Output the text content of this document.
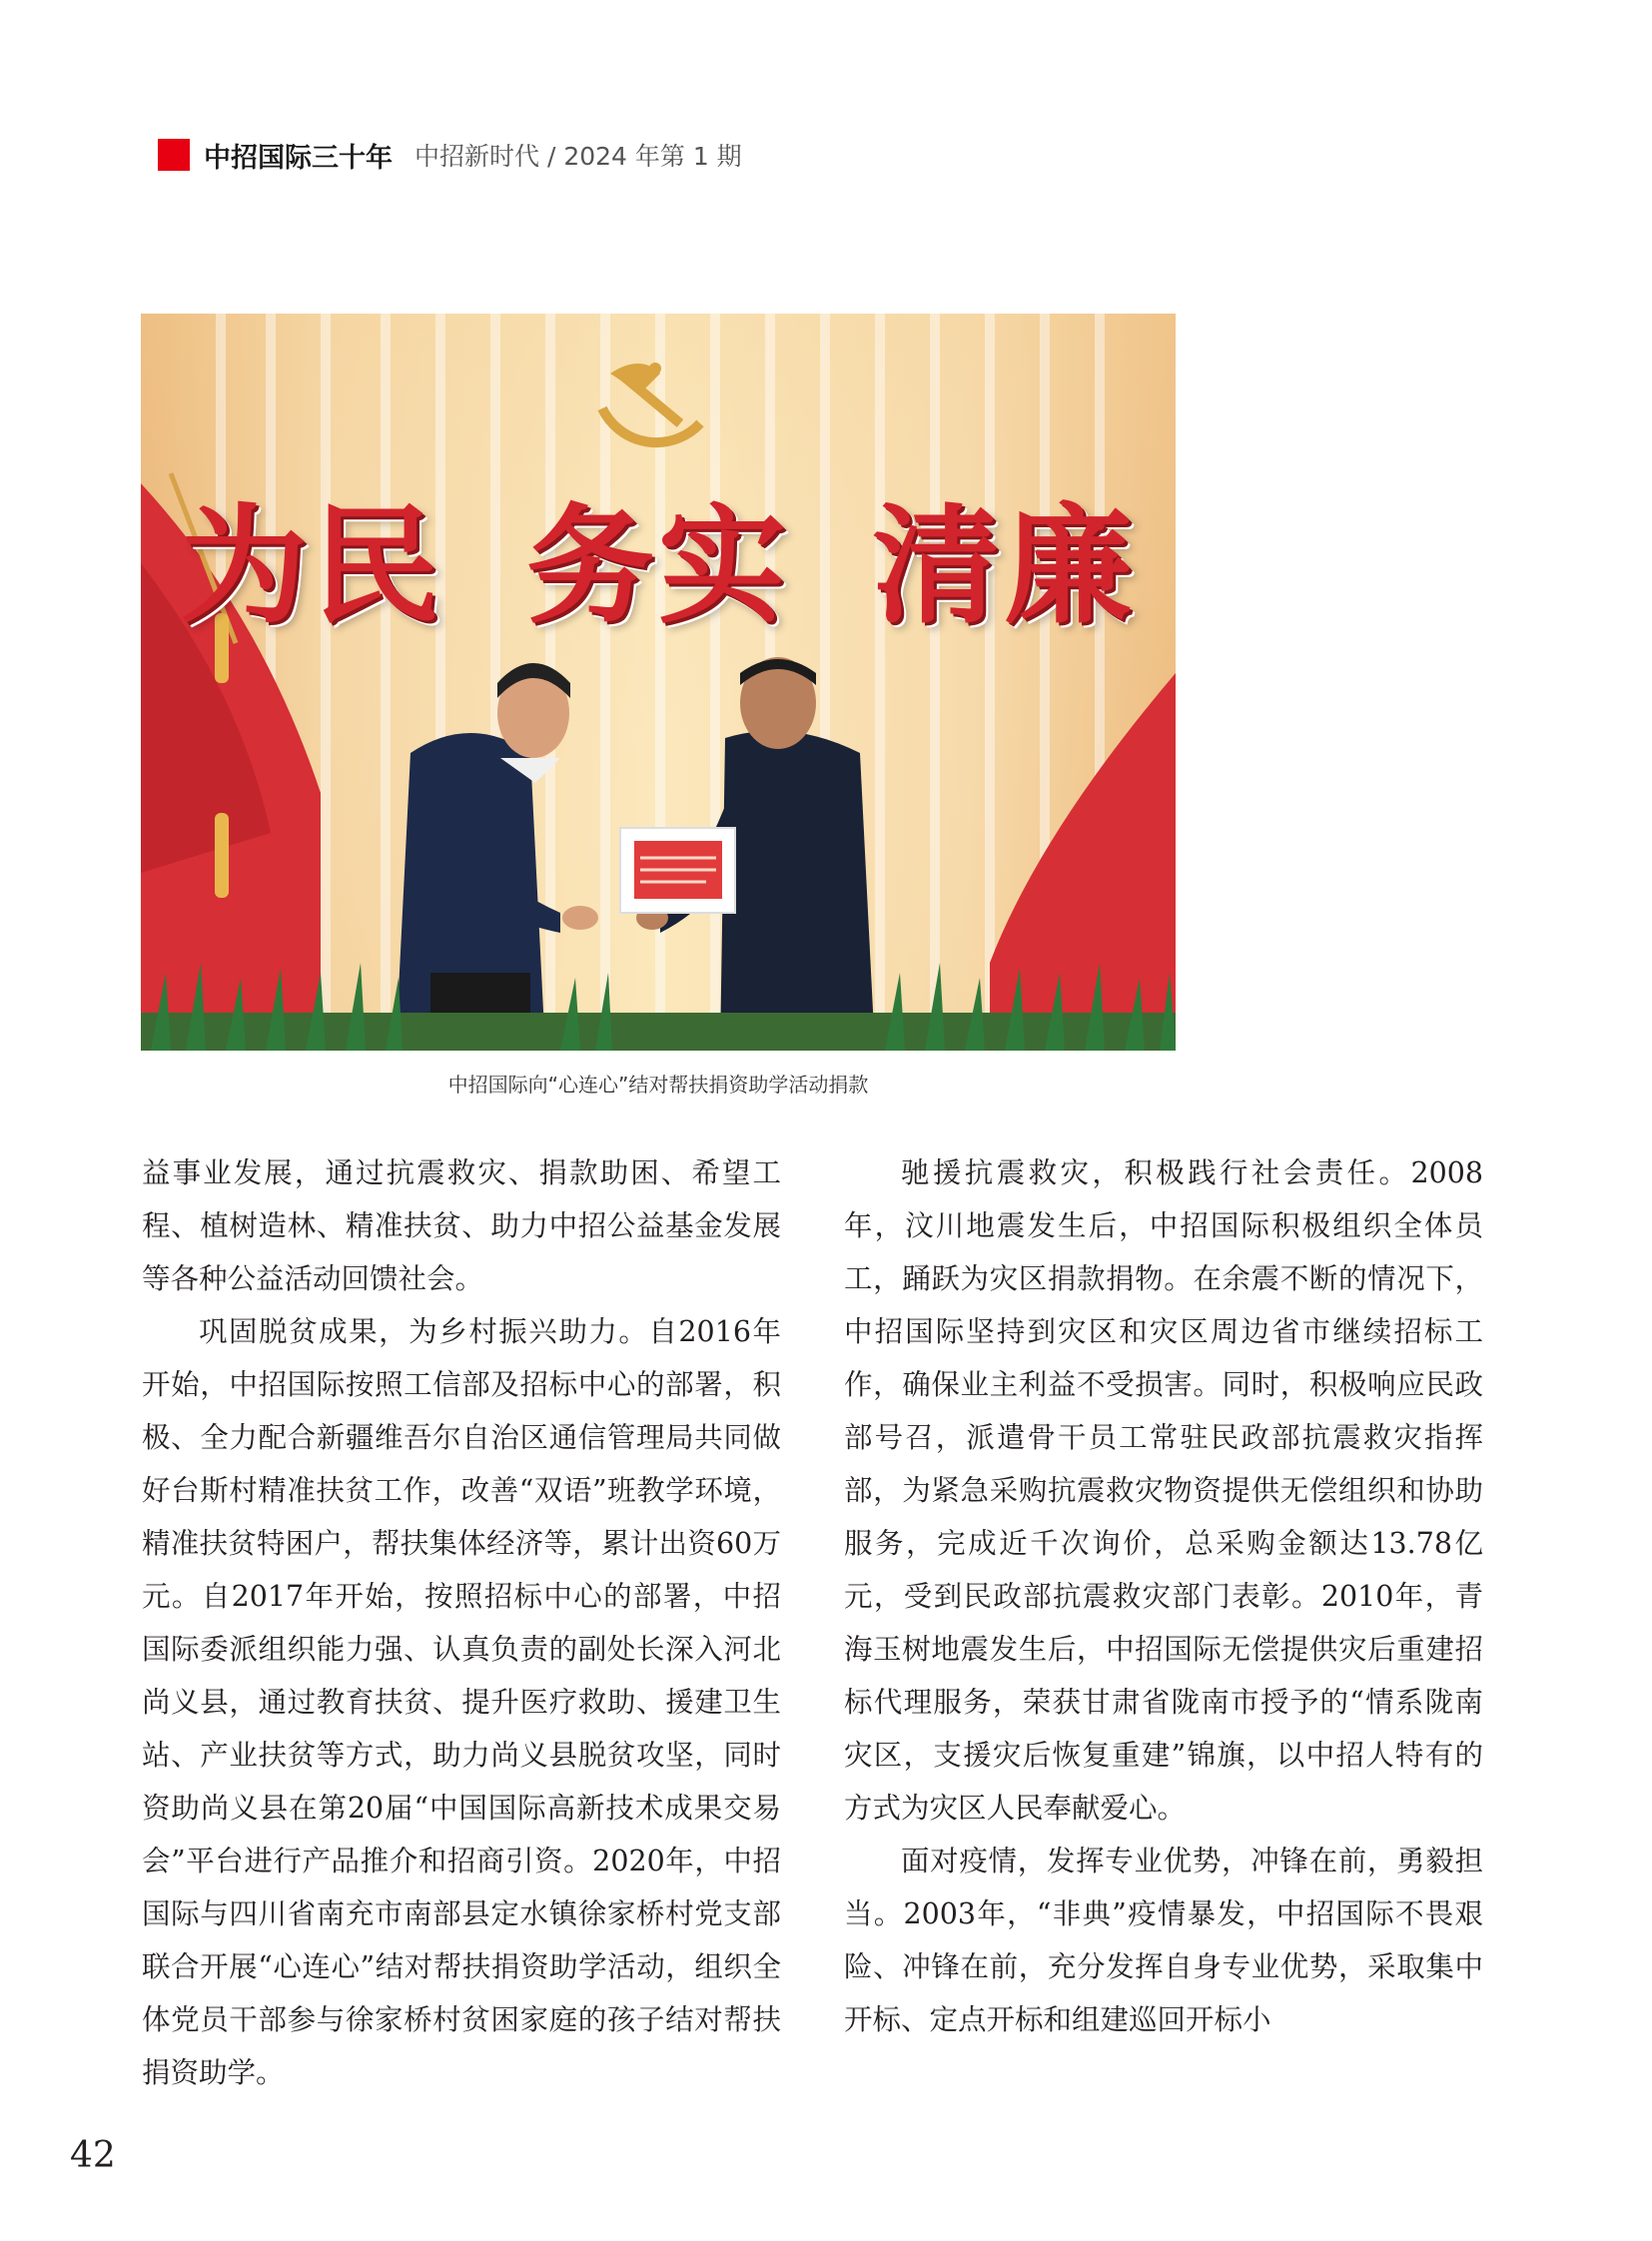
中招国际三十年 中招新时代 / 2024 年第 1 期
为民 务实 清廉
中招国际向“心连心”结对帮扶捐资助学活动捐款

益事业发展，通过抗震救灾、捐款助困、希望工程、植树造林、精准扶贫、助力中招公益基金发展等各种公益活动回馈社会。

巩固脱贫成果，为乡村振兴助力。自2016年开始，中招国际按照工信部及招标中心的部署，积极、全力配合新疆维吾尔自治区通信管理局共同做好台斯村精准扶贫工作，改善“双语”班教学环境，精准扶贫特困户，帮扶集体经济等，累计出资60万元。自2017年开始，按照招标中心的部署，中招国际委派组织能力强、认真负责的副处长深入河北尚义县，通过教育扶贫、提升医疗救助、援建卫生站、产业扶贫等方式，助力尚义县脱贫攻坚，同时资助尚义县在第20届“中国国际高新技术成果交易会”平台进行产品推介和招商引资。2020年，中招国际与四川省南充市南部县定水镇徐家桥村党支部联合开展“心连心”结对帮扶捐资助学活动，组织全体党员干部参与徐家桥村贫困家庭的孩子结对帮扶捐资助学。

驰援抗震救灾，积极践行社会责任。2008年，汶川地震发生后，中招国际积极组织全体员工，踊跃为灾区捐款捐物。在余震不断的情况下，中招国际坚持到灾区和灾区周边省市继续招标工作，确保业主利益不受损害。同时，积极响应民政部号召，派遣骨干员工常驻民政部抗震救灾指挥部，为紧急采购抗震救灾物资提供无偿组织和协助服务，完成近千次询价，总采购金额达13.78亿元，受到民政部抗震救灾部门表彰。2010年，青海玉树地震发生后，中招国际无偿提供灾后重建招标代理服务，荣获甘肃省陇南市授予的“情系陇南灾区，支援灾后恢复重建”锦旗，以中招人特有的方式为灾区人民奉献爱心。

面对疫情，发挥专业优势，冲锋在前，勇毅担当。2003年，“非典”疫情暴发，中招国际不畏艰险、冲锋在前，充分发挥自身专业优势，采取集中开标、定点开标和组建巡回开标小

42
